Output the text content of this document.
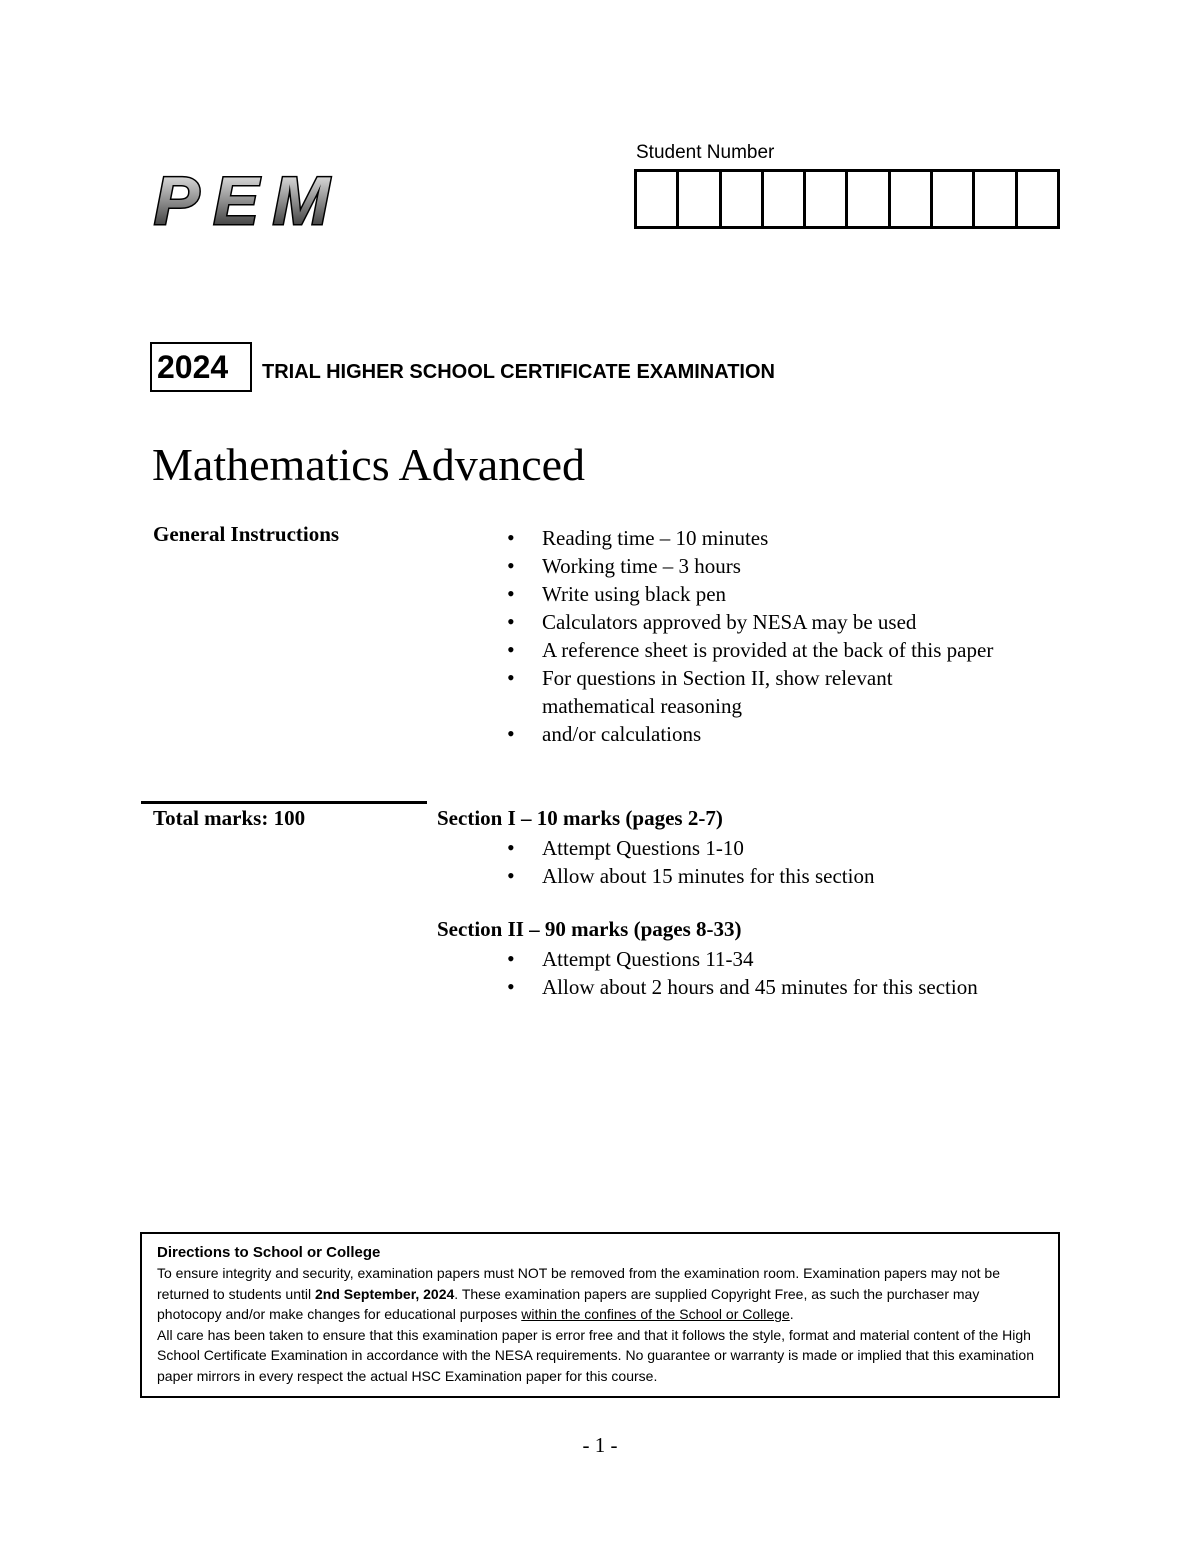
PEM
Student Number
2024	TRIAL HIGHER SCHOOL CERTIFICATE EXAMINATION
Mathematics Advanced
General Instructions
•	Reading time – 10 minutes
• Working time – 3 hours
• Write using black pen
• Calculators approved by NESA may be used
• A reference sheet is provided at the back of this paper
• For questions in Section II, show relevant mathematical reasoning
• and/or calculations
Total marks: 100	Section I – 10 marks (pages 2-7)
• Attempt Questions 1-10
• Allow about 15 minutes for this section
Section II – 90 marks (pages 8-33)
• Attempt Questions 11-34
• Allow about 2 hours and 45 minutes for this section
Directions to School or College

To ensure integrity and security, examination papers must NOT be removed from the examination room. Examination papers may not be returned to students until 2nd September, 2024. These examination papers are supplied Copyright Free, as such the purchaser may photocopy and/or make changes for educational purposes within the confines of the School or College.

All care has been taken to ensure that this examination paper is error free and that it follows the style, format and material content of the High School Certificate Examination in accordance with the NESA requirements. No guarantee or warranty is made or implied that this examination paper mirrors in every respect the actual HSC Examination paper for this course.

- 1 -
